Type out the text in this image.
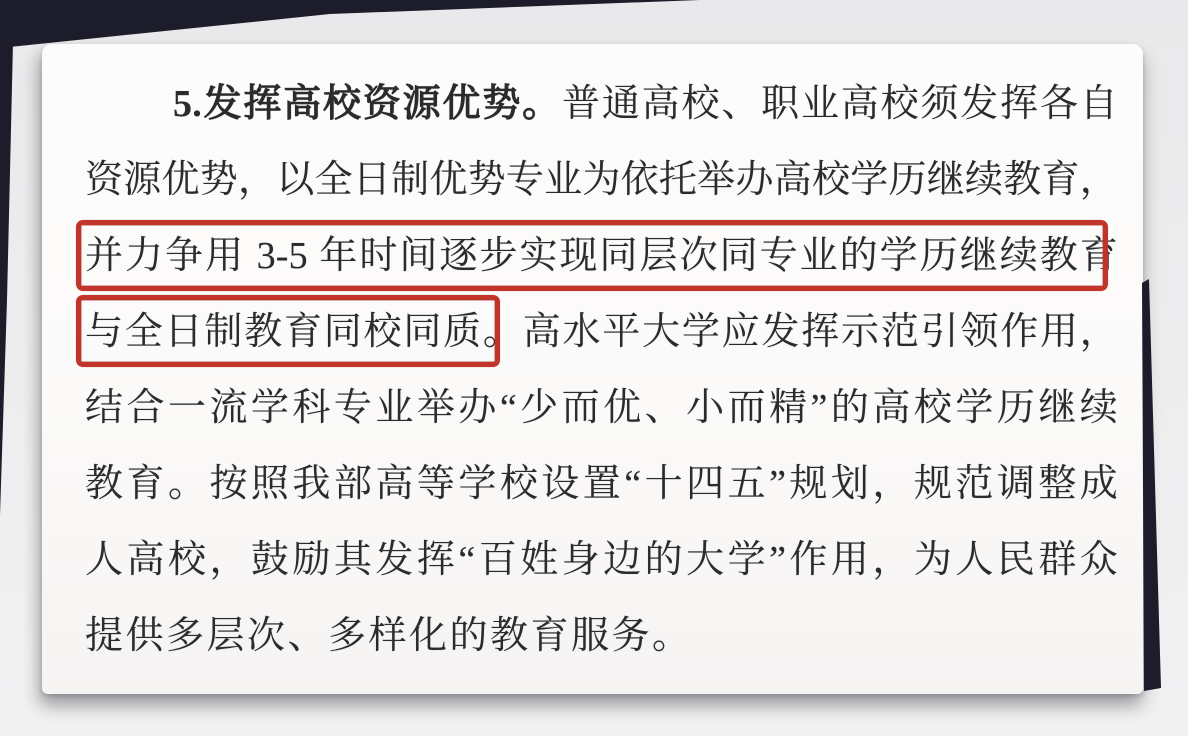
5.发挥高校资源优势。普通高校、职业高校须发挥各自
资源优势，以全日制优势专业为依托举办高校学历继续教育，
并力争用 3-5 年时间逐步实现同层次同专业的学历继续教育
与全日制教育同校同质。高水平大学应发挥示范引领作用，
结合一流学科专业举办“少而优、小而精”的高校学历继续
教育。按照我部高等学校设置“十四五”规划，规范调整成
人高校，鼓励其发挥“百姓身边的大学”作用，为人民群众
提供多层次、多样化的教育服务。
